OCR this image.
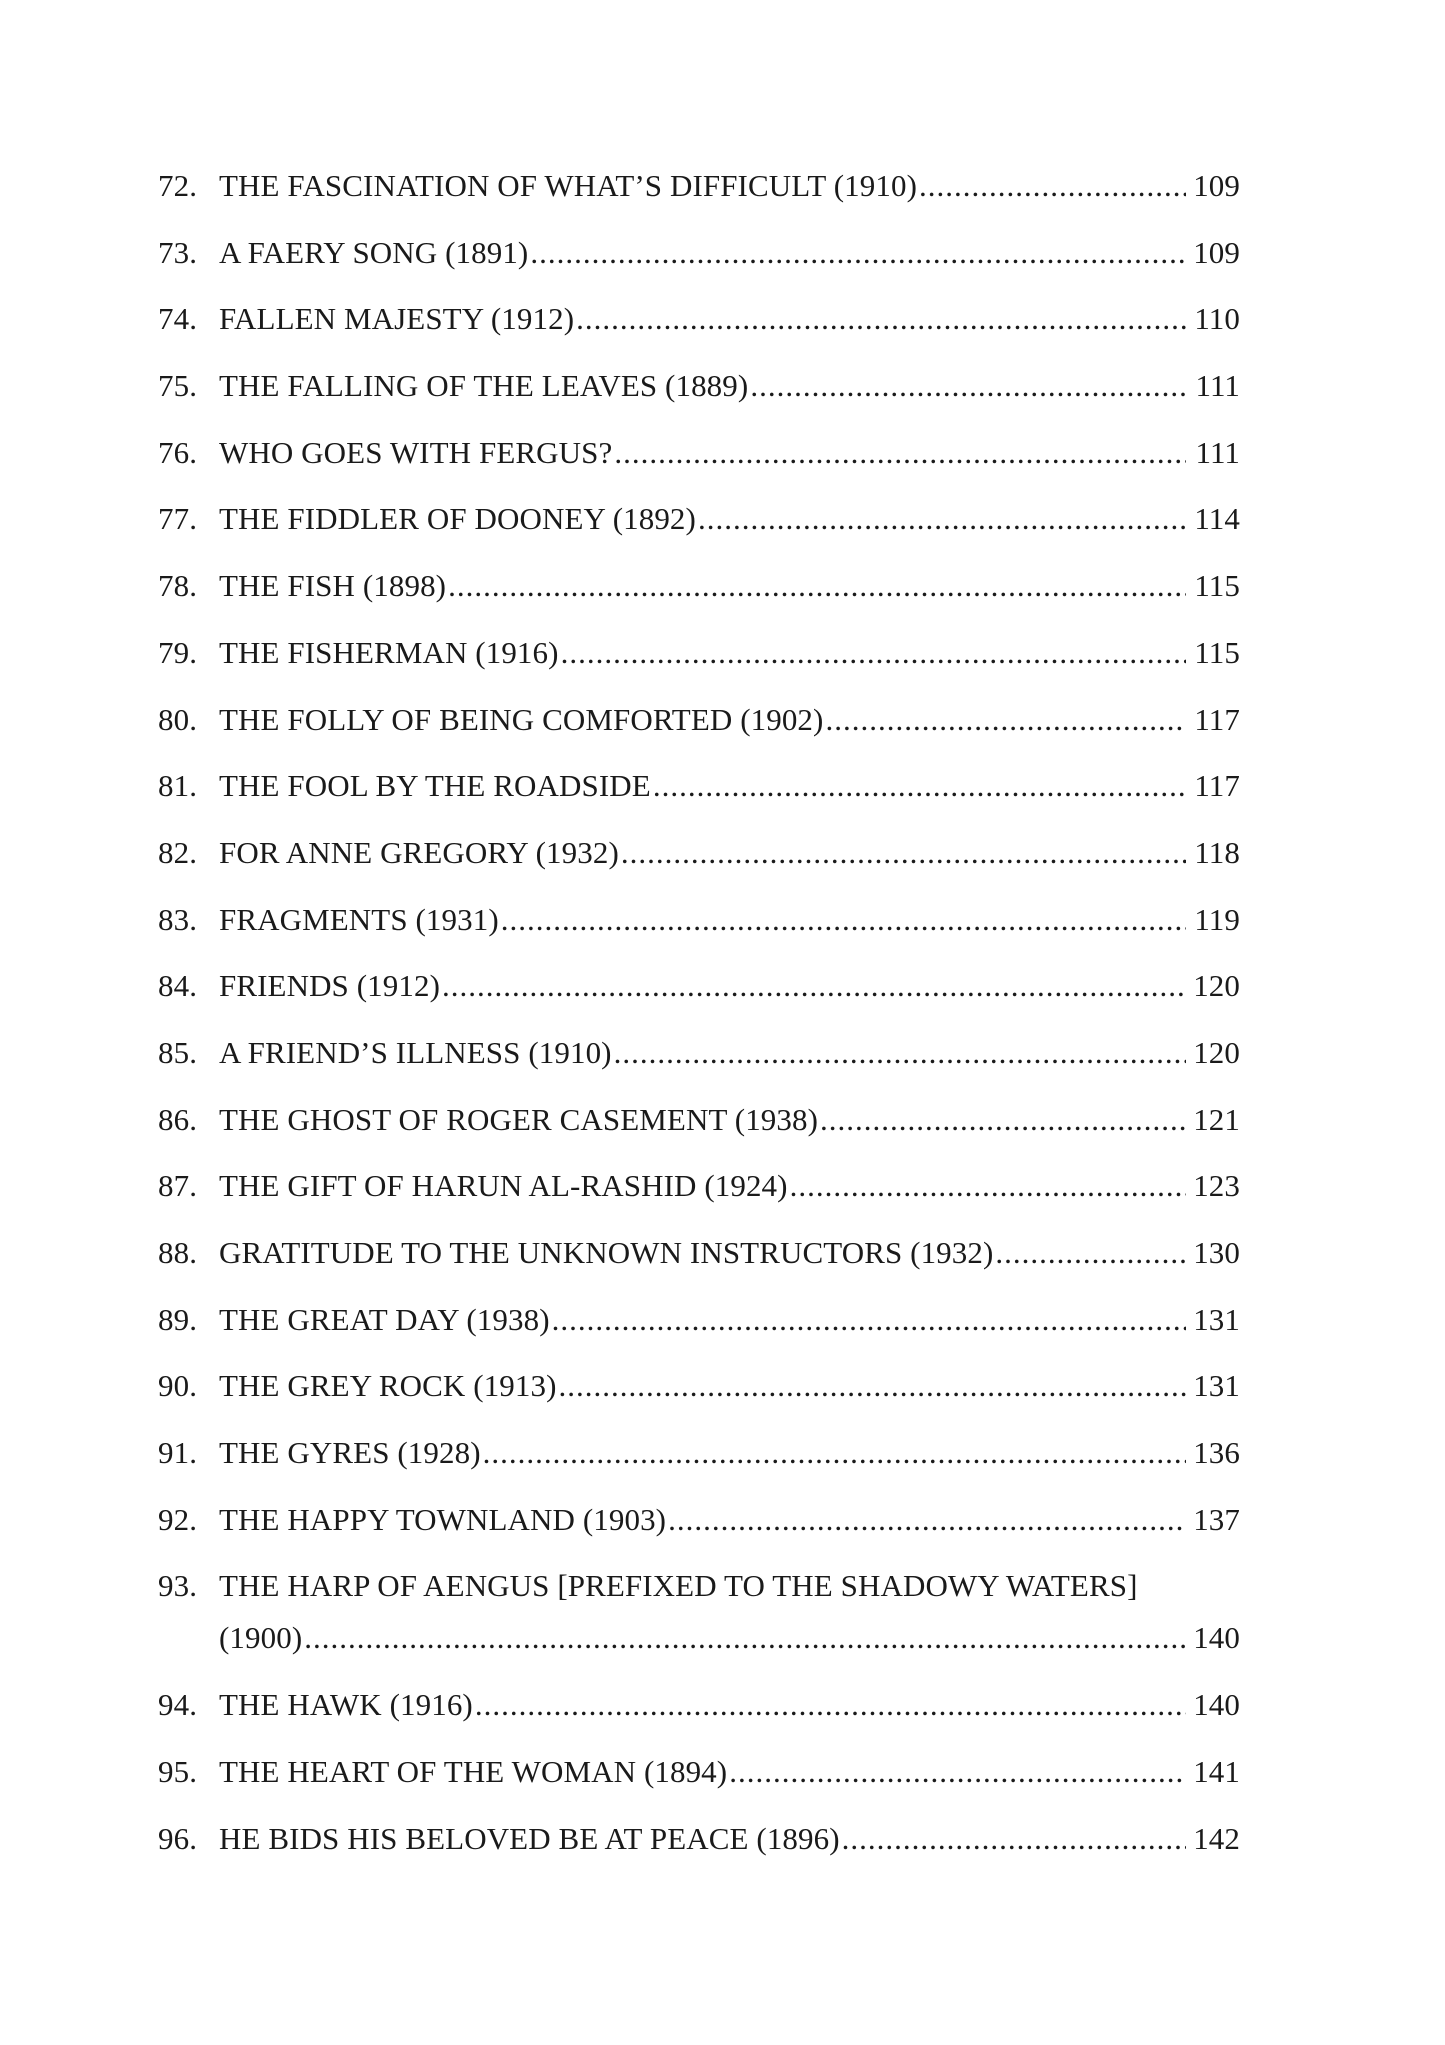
72. THE FASCINATION OF WHAT’S DIFFICULT (1910) .....	109
73. A FAERY SONG (1891) .....	109
74. FALLEN MAJESTY (1912) .....	110
75. THE FALLING OF THE LEAVES (1889) .....	111
76. WHO GOES WITH FERGUS? .....	111
77. THE FIDDLER OF DOONEY (1892) .....	114
78. THE FISH (1898) .....	115
79. THE FISHERMAN (1916) .....	115
80. THE FOLLY OF BEING COMFORTED (1902) .....	117
81. THE FOOL BY THE ROADSIDE .....	117
82. FOR ANNE GREGORY (1932) .....	118
83. FRAGMENTS (1931) .....	119
84. FRIENDS (1912) .....	120
85. A FRIEND’S ILLNESS (1910) .....	120
86. THE GHOST OF ROGER CASEMENT (1938) .....	121
87. THE GIFT OF HARUN AL-RASHID (1924) .....	123
88. GRATITUDE TO THE UNKNOWN INSTRUCTORS (1932) .....	130
89. THE GREAT DAY (1938) .....	131
90. THE GREY ROCK (1913) .....	131
91. THE GYRES (1928) .....	136
92. THE HAPPY TOWNLAND (1903) .....	137
93. THE HARP OF AENGUS [PREFIXED TO THE SHADOWY WATERS]
(1900) .....	140
94. THE HAWK (1916) .....	140
95. THE HEART OF THE WOMAN (1894) .....	141
96. HE BIDS HIS BELOVED BE AT PEACE (1896) .....	142
